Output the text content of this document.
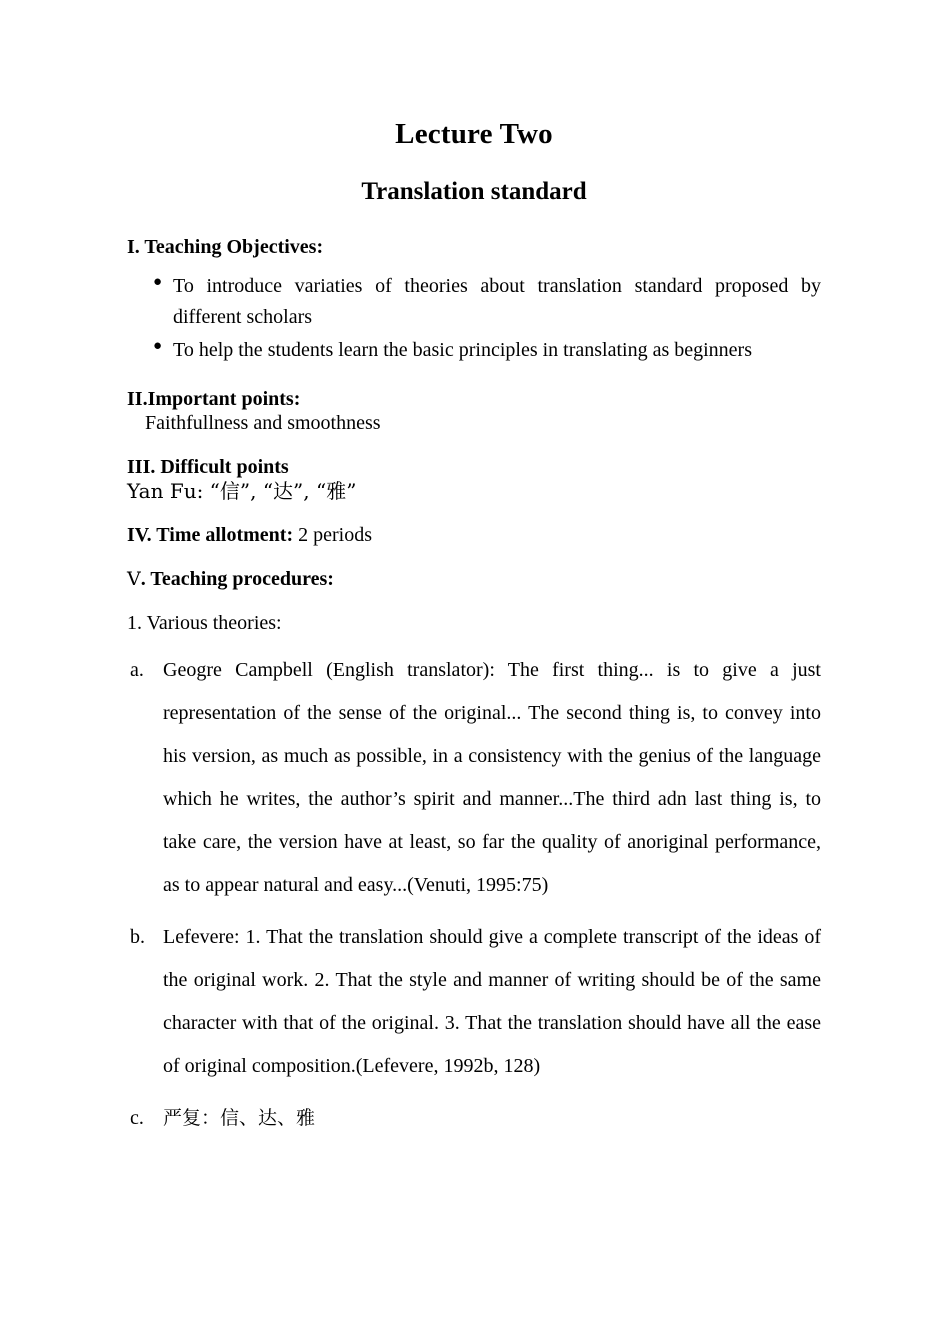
Lecture Two
Translation standard

I. Teaching Objectives:

● To introduce variaties of theories about translation standard proposed by different scholars
● To help the students learn the basic principles in translating as beginners

II.Important points:

Faithfullness and smoothness

III. Difficult points

Yan Fu: “信”, “达”, “雅”

IV. Time allotment: 2 periods

Ⅴ. Teaching procedures:

1. Various theories:

a. Geogre Campbell (English translator): The first thing... is to give a just representation of the sense of the original... The second thing is, to convey into his version, as much as possible, in a consistency with the genius of the language which he writes, the author’s spirit and manner...The third adn last thing is, to take care, the version have at least, so far the quality of anoriginal performance, as to appear natural and easy...(Venuti, 1995:75)
b. Lefevere: 1. That the translation should give a complete transcript of the ideas of the original work. 2. That the style and manner of writing should be of the same character with that of the original. 3. That the translation should have all the ease of original composition.(Lefevere, 1992b, 128)
c. 严复：信、达、雅
